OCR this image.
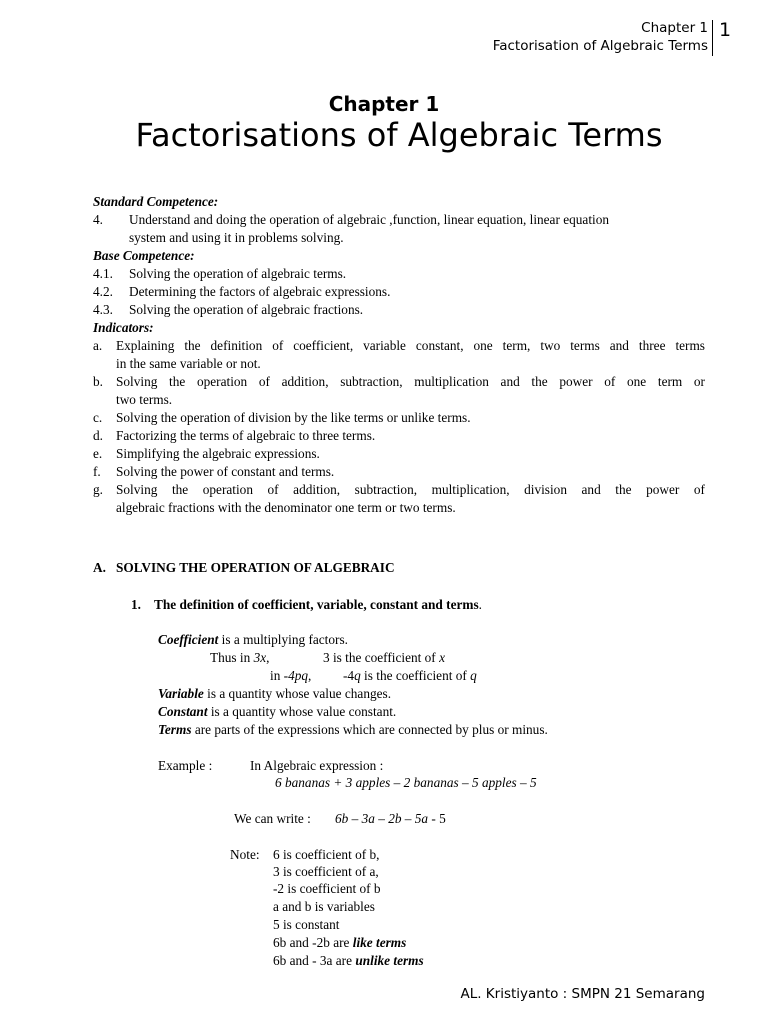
Chapter 1
Factorisation of Algebraic Terms
1
Chapter 1
Factorisations of Algebraic Terms
Standard Competence:
4. Understand and doing the operation of algebraic ,function, linear equation, linear equation
system and using it in problems solving.
Base Competence:
4.1. Solving the operation of algebraic terms.
4.2. Determining the factors of algebraic expressions.
4.3. Solving the operation of algebraic fractions.
Indicators:
a. Explaining the definition of coefficient, variable constant, one term, two terms and three terms
in the same variable or not.
b. Solving the operation of addition, subtraction, multiplication and the power of one term or
two terms.
c. Solving the operation of division by the like terms or unlike terms.
d. Factorizing the terms of algebraic to three terms.
e. Simplifying the algebraic expressions.
f. Solving the power of constant and terms.
g. Solving the operation of addition, subtraction, multiplication, division and the power of
algebraic fractions with the denominator one term or two terms.
A. SOLVING THE OPERATION OF ALGEBRAIC
1. The definition of coefficient, variable, constant and terms.
Coefficient is a multiplying factors.
Thus in 3x,	3 is the coefficient of x
in -4pq, -4q is the coefficient of q
Variable is a quantity whose value changes.
Constant is a quantity whose value constant.
Terms are parts of the expressions which are connected by plus or minus.
Example :	In Algebraic expression :
6 bananas + 3 apples – 2 bananas – 5 apples – 5
We can write : 6b – 3a – 2b – 5a - 5
Note: 6 is coefficient of b,
3 is coefficient of a,
-2 is coefficient of b
a and b is variables
5 is constant
6b and -2b are like terms
6b and - 3a are unlike terms
AL. Kristiyanto : SMPN 21 Semarang
